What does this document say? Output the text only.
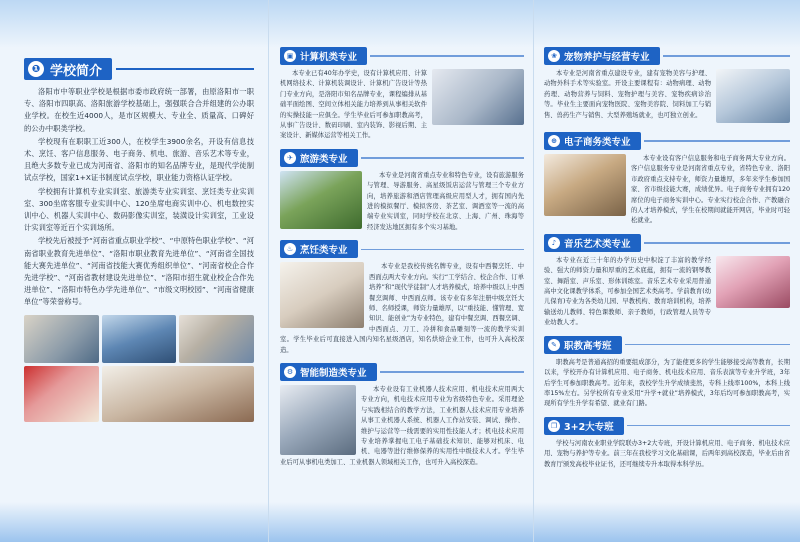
❶ 学校简介

洛阳市中等职业学校是根据市委市政府统一部署，由原洛阳市一职专、洛阳市四职高、洛阳旅游学校基础上，强强联合合并组建的公办职业学校。在校生近4000人，是市区规模大、专业全、质量高、口碑好的公办中职类学校。

学校现有在职职工近300人，在校学生3900余名，开设有信息技术、烹饪、客户信息服务、电子商务、机电、旅游、音乐艺术等专业，且绝大多数专业已成为河南省、洛阳市的知名品牌专业，是现代学徒制试点学校，国家1+X证书制度试点学校，职业能力资格认证学校。

学校拥有计算机专业实训室、旅游类专业实训室、烹饪类专业实训室、300坐席客服专业实训中心、120坐席电商实训中心、机电数控实训中心、机器人实训中心、数码影像实训室，装潢设计实训室，工业设计实训室等近百个实训场所。

学校先后被授予“河南省重点职业学校”、“中原特色职业学校”、“河南省职业教育先进单位”、“洛阳市职业教育先进单位”、“河南省全国技能大赛先进单位”、“河南省技能大赛优秀组织单位”、“河南省校企合作先进学校”、“河南省教材建设先进单位”、“洛阳市招生就业校企合作先进单位”、“洛阳市特色办学先进单位”、“市级文明校园”、“河南省健康单位”等荣誉称号。

▣ 计算机类专业

本专业已有40年办学史，设有计算机应用、计算机网络技术、计算机装调设计、计算机广告设计等热门专业方向，是洛阳市知名品牌专业，课程编排从基础平面绘图、空间立体相关能力培养到从事相关软件的实操技能一应俱全。学生毕业后可参加职教高考，从事广告设计、数码印刷、室内装饰、影视后期、主案设计、新媒体运营等相关工作。

✈ 旅游类专业

本专业是河南省重点专业和特色专业，设有旅游服务与管理、导游服务、高星级饭店运营与管理三个专业方向，培养旅游和酒店管理高级应用型人才，拥有国内先进的模拟餐厅、模拟客房、茶艺室、调酒室等一流的高端专业实训室，同时学校在北京、上海、广州、珠海等经济发达地区拥有多个实习基地。

♨ 烹饪类专业

本专业是我校传统名牌专业，设有中西餐烹饪、中西面点两大专业方向。实行“工学结合、校企合作、订单培养”和“现代学徒制”人才培养模式，培养中级以上中西餐烹调师、中西面点师。该专业有多年注册中级烹饪大师、名师授课，师资力量雄厚，以“重技能、懂管理、宽知识、能创业”为专业特色，建有中餐烹调、西餐烹调、中西面点、刀工、冷拼和食品雕刻等一流的教学实训室。学生毕业后可直接进入国内知名星级酒店，知名烘焙企业工作，也可升入高校深造。

⚙ 智能制造类专业

本专业设有工业机器人技术应用、机电技术应用两大专业方向，机电技术应用专业为省级特色专业。采用理论与实践相结合的教学方法，工业机器人技术应用专业培养从事工业机器人系统、机器人工作站安装、调试、操作、维护与运营等一线需要的实用性技能人才；机电技术应用专业培养掌握电工电子基础技术知识、能够对机床、电机、电器等进行维修保养的实用性中级技术人才。学生毕业后可从事机电类加工、工业机器人领域相关工作，也可升入高校深造。

❀ 宠物养护与经营专业

本专业是河南省重点建设专业，建有宠物美容与护理、动物外科手术等实验室。开设主要课程有：动物病理、动物药理、动物营养与饲料、宠物护理与美容、宠物疾病诊治等。毕业生主要面向宠物医院、宠物美容院、饲料加工与销售、兽药生产与销售、大型养殖场就业，也可独立创业。

⊕ 电子商务类专业

本专业设有客户信息服务和电子商务两大专业方向。客户信息服务专业是河南省重点专业，省特色专业、洛阳市政府重点支持专业，师资力量雄厚，多年来学生参加国家、省市级技能大赛，成绩优异。电子商务专业拥有120席位的电子商务实训中心。专业实行校企合作、产教融合的人才培养模式，学生在校期间就能开网店，毕业时可轻松就业。

♪ 音乐艺术类专业

本专业在近三十年的办学历史中积淀了丰富的教学经验、强大的师资力量和厚重的艺术底蕴，拥有一流的钢琴教室、舞蹈室、声乐室、形体训练室。音乐艺术专业采用普通高中文化课教学体系，可参加全国艺术类高考。学前教育(幼儿保育)专业为各类幼儿园、早教机构、教育培训机构，培养输送幼儿教师、特色课教师、亲子教师，行政管理人员等专业幼教人才。

✎ 职教高考班

职教高考是普通高招的重要组成部分，为了能使更多的学生能够接受高等教育，长期以来，学校开办有计算机应用、电子商务、机电技术应用、音乐表演等专业升学班，3年后学生可参加职教高考。近年来，我校学生升学成绩斐然，专科上线率100%，本科上线率15%左右。另学校所有专业采用“升学+就业”培养模式，3年后均可参加职教高考，实现所有学生升学有希望、就业有门路。

❐ 3+2大专班

学校与河南农业职业学院联办3+2大专班，开设计算机应用、电子商务、机电技术应用、宠物与养护等专业。前三年在我校学习文化基础课，后两年到高校深造，毕业后由省教育厅颁发高校毕业证书，还可继续专升本取得本科学历。
